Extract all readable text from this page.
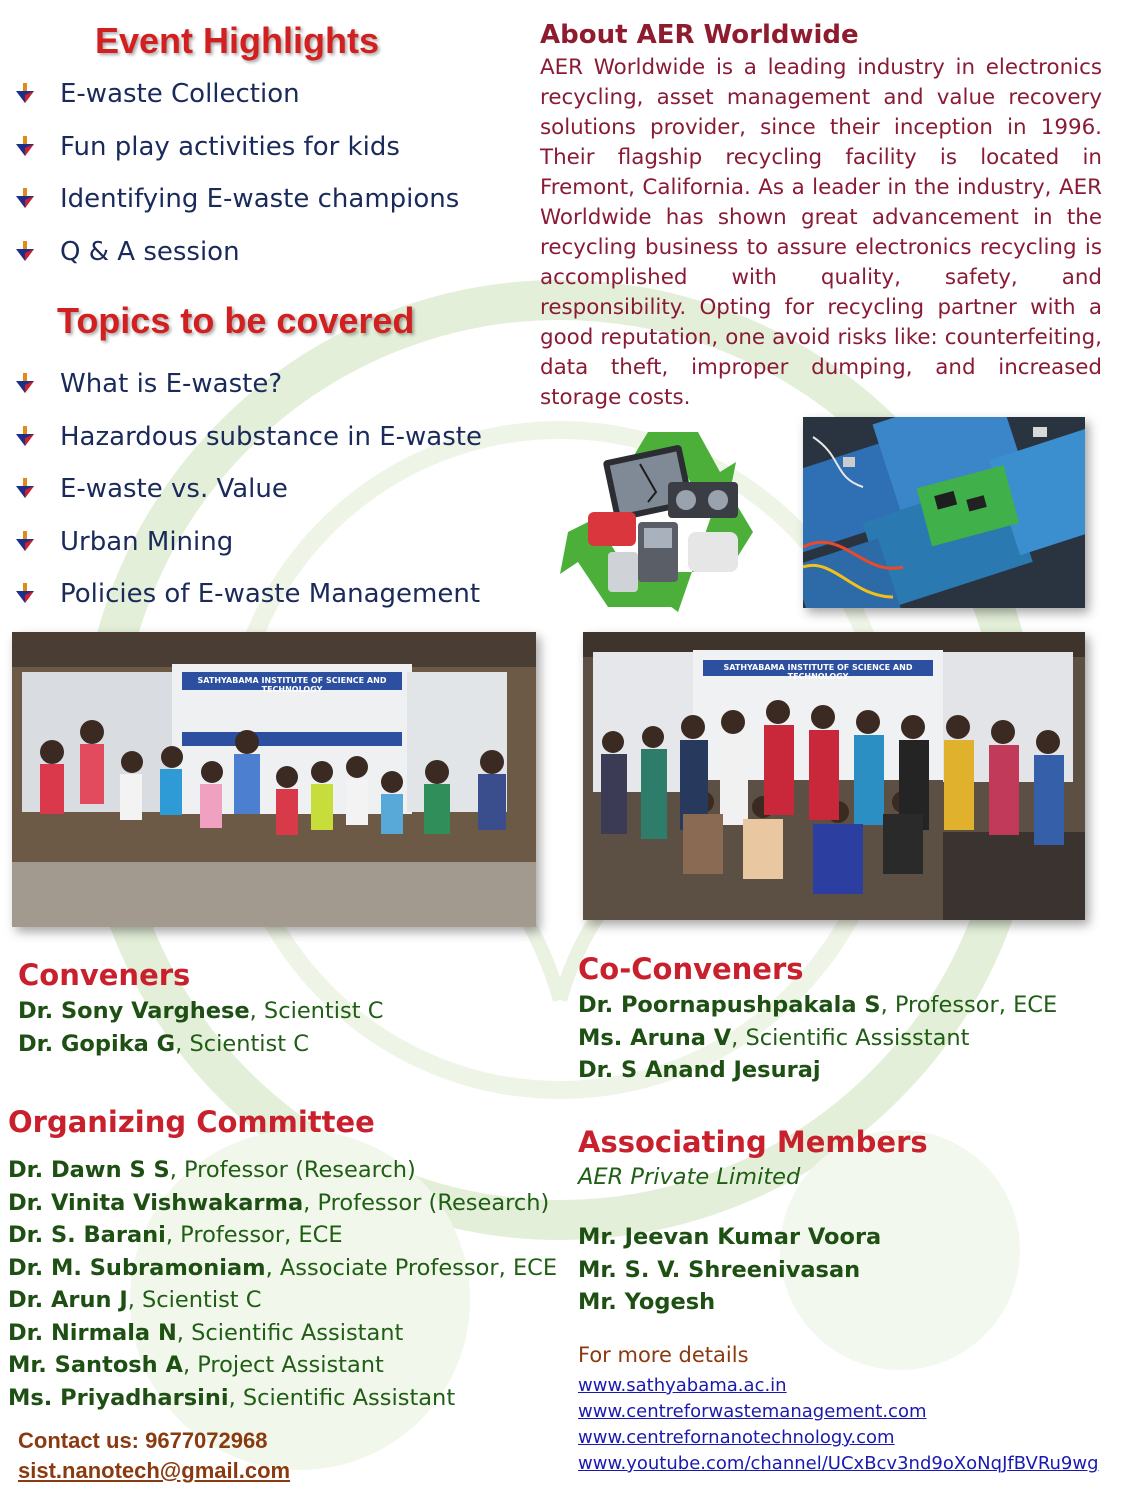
Event Highlights
E-waste Collection
Fun play activities for kids
Identifying E-waste champions
Q & A session
Topics to be covered
What is E-waste?
Hazardous substance in E-waste
E-waste vs. Value
Urban Mining
Policies of E-waste Management
About AER Worldwide

AER Worldwide is a leading industry in electronics recycling, asset management and value recovery solutions provider, since their inception in 1996. Their flagship recycling facility is located in Fremont, California. As a leader in the industry, AER Worldwide has shown great advancement in the recycling business to assure electronics recycling is accomplished with quality, safety, and responsibility. Opting for recycling partner with a good reputation, one avoid risks like: counterfeiting, data theft, improper dumping, and increased storage costs.

SATHYABAMA INSTITUTE OF SCIENCE AND TECHNOLOGY
SATHYABAMA INSTITUTE OF SCIENCE AND TECHNOLOGY
Conveners
Dr. Sony Varghese, Scientist C
Dr. Gopika G, Scientist C
Co-Conveners
Dr. Poornapushpakala S, Professor, ECE
Ms. Aruna V, Scientific Assisstant
Dr. S Anand Jesuraj
Organizing Committee
Dr. Dawn S S, Professor (Research)
Dr. Vinita Vishwakarma, Professor (Research)
Dr. S. Barani, Professor, ECE
Dr. M. Subramoniam, Associate Professor, ECE
Dr. Arun J, Scientist C
Dr. Nirmala N, Scientific Assistant
Mr. Santosh A, Project Assistant
Ms. Priyadharsini, Scientific Assistant
Associating Members
AER Private Limited
Mr. Jeevan Kumar Voora
Mr. S. V. Shreenivasan
Mr. Yogesh
For more details
www.sathyabama.ac.in
www.centreforwastemanagement.com
www.centrefornanotechnology.com
www.youtube.com/channel/UCxBcv3nd9oXoNqJfBVRu9wg
Contact us: 9677072968
sist.nanotech@gmail.com
